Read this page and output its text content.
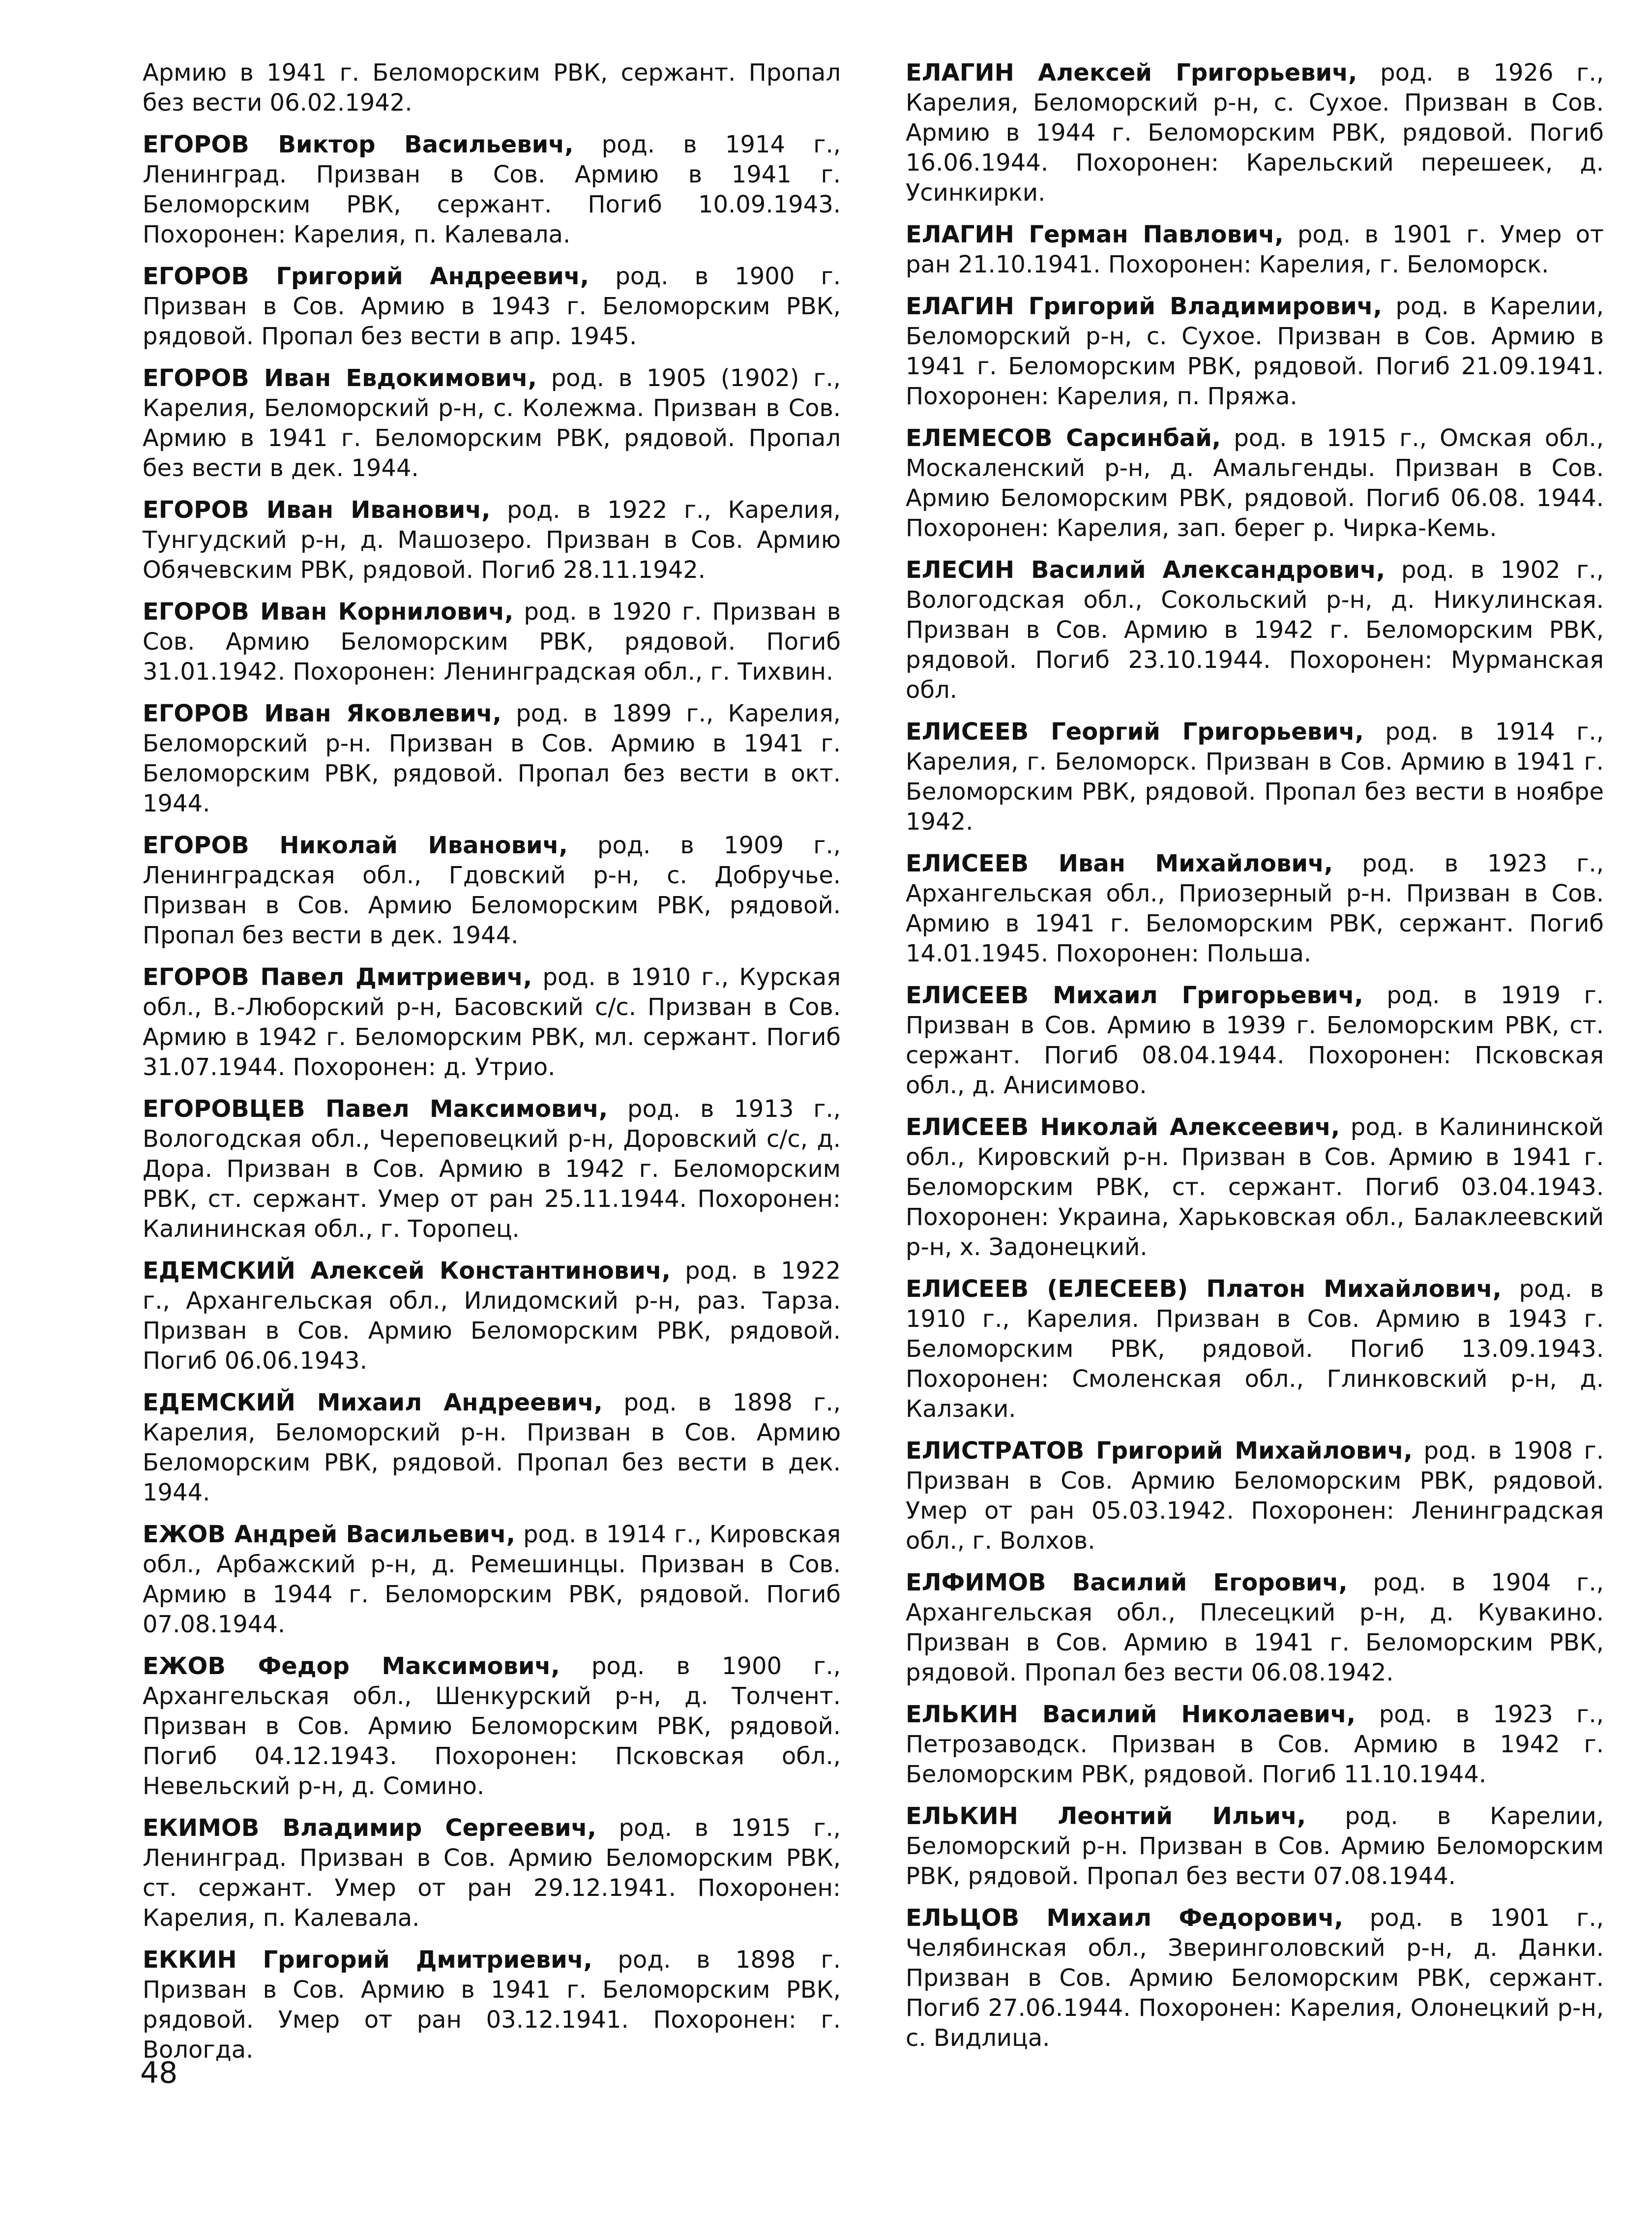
Армию в 1941 г. Беломорским РВК, сержант. Пропал без вести 06.02.1942.

ЕГОРОВ Виктор Васильевич, род. в 1914 г., Ленинград. Призван в Сов. Армию в 1941 г. Беломорским РВК, сержант. Погиб 10.09.1943. Похоронен: Карелия, п. Калевала.

ЕГОРОВ Григорий Андреевич, род. в 1900 г. Призван в Сов. Армию в 1943 г. Беломорским РВК, рядовой. Пропал без вести в апр. 1945.

ЕГОРОВ Иван Евдокимович, род. в 1905 (1902) г., Карелия, Беломорский р-н, с. Колежма. Призван в Сов. Армию в 1941 г. Беломорским РВК, рядовой. Пропал без вести в дек. 1944.

ЕГОРОВ Иван Иванович, род. в 1922 г., Карелия, Тунгудский р-н, д. Машозеро. Призван в Сов. Армию Обячевским РВК, рядовой. Погиб 28.11.1942.

ЕГОРОВ Иван Корнилович, род. в 1920 г. Призван в Сов. Армию Беломорским РВК, рядовой. Погиб 31.01.1942. Похоронен: Ленинградская обл., г. Тихвин.

ЕГОРОВ Иван Яковлевич, род. в 1899 г., Карелия, Беломорский р-н. Призван в Сов. Армию в 1941 г. Беломорским РВК, рядовой. Пропал без вести в окт. 1944.

ЕГОРОВ Николай Иванович, род. в 1909 г., Ленинградская обл., Гдовский р-н, с. Добручье. Призван в Сов. Армию Беломорским РВК, рядовой. Пропал без вести в дек. 1944.

ЕГОРОВ Павел Дмитриевич, род. в 1910 г., Курская обл., В.-Люборский р-н, Басовский с/с. Призван в Сов. Армию в 1942 г. Беломорским РВК, мл. сержант. Погиб 31.07.1944. Похоронен: д. Утрио.

ЕГОРОВЦЕВ Павел Максимович, род. в 1913 г., Вологодская обл., Череповецкий р-н, Доровский с/с, д. Дора. Призван в Сов. Армию в 1942 г. Беломорским РВК, ст. сержант. Умер от ран 25.11.1944. Похоронен: Калининская обл., г. Торопец.

ЕДЕМСКИЙ Алексей Константинович, род. в 1922 г., Архангельская обл., Илидомский р-н, раз. Тарза. Призван в Сов. Армию Беломорским РВК, рядовой. Погиб 06.06.1943.

ЕДЕМСКИЙ Михаил Андреевич, род. в 1898 г., Карелия, Беломорский р-н. Призван в Сов. Армию Беломорским РВК, рядовой. Пропал без вести в дек. 1944.

ЕЖОВ Андрей Васильевич, род. в 1914 г., Кировская обл., Арбажский р-н, д. Ремешинцы. Призван в Сов. Армию в 1944 г. Беломорским РВК, рядовой. Погиб 07.08.1944.

ЕЖОВ Федор Максимович, род. в 1900 г., Архангельская обл., Шенкурский р-н, д. Толчент. Призван в Сов. Армию Беломорским РВК, рядовой. Погиб 04.12.1943. Похоронен: Псковская обл., Невельский р-н, д. Сомино.

ЕКИМОВ Владимир Сергеевич, род. в 1915 г., Ленинград. Призван в Сов. Армию Беломорским РВК, ст. сержант. Умер от ран 29.12.1941. Похоронен: Карелия, п. Калевала.

ЕККИН Григорий Дмитриевич, род. в 1898 г. Призван в Сов. Армию в 1941 г. Беломорским РВК, рядовой. Умер от ран 03.12.1941. Похоронен: г. Вологда.

ЕЛАГИН Алексей Григорьевич, род. в 1926 г., Карелия, Беломорский р-н, с. Сухое. Призван в Сов. Армию в 1944 г. Беломорским РВК, рядовой. Погиб 16.06.1944. Похоронен: Карельский перешеек, д. Усинкирки.

ЕЛАГИН Герман Павлович, род. в 1901 г. Умер от ран 21.10.1941. Похоронен: Карелия, г. Беломорск.

ЕЛАГИН Григорий Владимирович, род. в Карелии, Беломорский р-н, с. Сухое. Призван в Сов. Армию в 1941 г. Беломорским РВК, рядовой. Погиб 21.09.1941. Похоронен: Карелия, п. Пряжа.

ЕЛЕМЕСОВ Сарсинбай, род. в 1915 г., Омская обл., Москаленский р-н, д. Амальгенды. Призван в Сов. Армию Беломорским РВК, рядовой. Погиб 06.08. 1944. Похоронен: Карелия, зап. берег р. Чирка-Кемь.

ЕЛЕСИН Василий Александрович, род. в 1902 г., Вологодская обл., Сокольский р-н, д. Никулинская. Призван в Сов. Армию в 1942 г. Беломорским РВК, рядовой. Погиб 23.10.1944. Похоронен: Мурманская обл.

ЕЛИСЕЕВ Георгий Григорьевич, род. в 1914 г., Карелия, г. Беломорск. Призван в Сов. Армию в 1941 г. Беломорским РВК, рядовой. Пропал без вести в ноябре 1942.

ЕЛИСЕЕВ Иван Михайлович, род. в 1923 г., Архангельская обл., Приозерный р-н. Призван в Сов. Армию в 1941 г. Беломорским РВК, сержант. Погиб 14.01.1945. Похоронен: Польша.

ЕЛИСЕЕВ Михаил Григорьевич, род. в 1919 г. Призван в Сов. Армию в 1939 г. Беломорским РВК, ст. сержант. Погиб 08.04.1944. Похоронен: Псковская обл., д. Анисимово.

ЕЛИСЕЕВ Николай Алексеевич, род. в Калининской обл., Кировский р-н. Призван в Сов. Армию в 1941 г. Беломорским РВК, ст. сержант. Погиб 03.04.1943. Похоронен: Украина, Харьковская обл., Балаклеевский р-н, х. Задонецкий.

ЕЛИСЕЕВ (ЕЛЕСЕЕВ) Платон Михайлович, род. в 1910 г., Карелия. Призван в Сов. Армию в 1943 г. Беломорским РВК, рядовой. Погиб 13.09.1943. Похоронен: Смоленская обл., Глинковский р-н, д. Калзаки.

ЕЛИСТРАТОВ Григорий Михайлович, род. в 1908 г. Призван в Сов. Армию Беломорским РВК, рядовой. Умер от ран 05.03.1942. Похоронен: Ленинградская обл., г. Волхов.

ЕЛФИМОВ Василий Егорович, род. в 1904 г., Архангельская обл., Плесецкий р-н, д. Кувакино. Призван в Сов. Армию в 1941 г. Беломорским РВК, рядовой. Пропал без вести 06.08.1942.

ЕЛЬКИН Василий Николаевич, род. в 1923 г., Петрозаводск. Призван в Сов. Армию в 1942 г. Беломорским РВК, рядовой. Погиб 11.10.1944.

ЕЛЬКИН Леонтий Ильич, род. в Карелии, Беломорский р-н. Призван в Сов. Армию Беломорским РВК, рядовой. Пропал без вести 07.08.1944.

ЕЛЬЦОВ Михаил Федорович, род. в 1901 г., Челябинская обл., Зверинголовский р-н, д. Данки. Призван в Сов. Армию Беломорским РВК, сержант. Погиб 27.06.1944. Похоронен: Карелия, Олонецкий р-н, с. Видлица.

48
